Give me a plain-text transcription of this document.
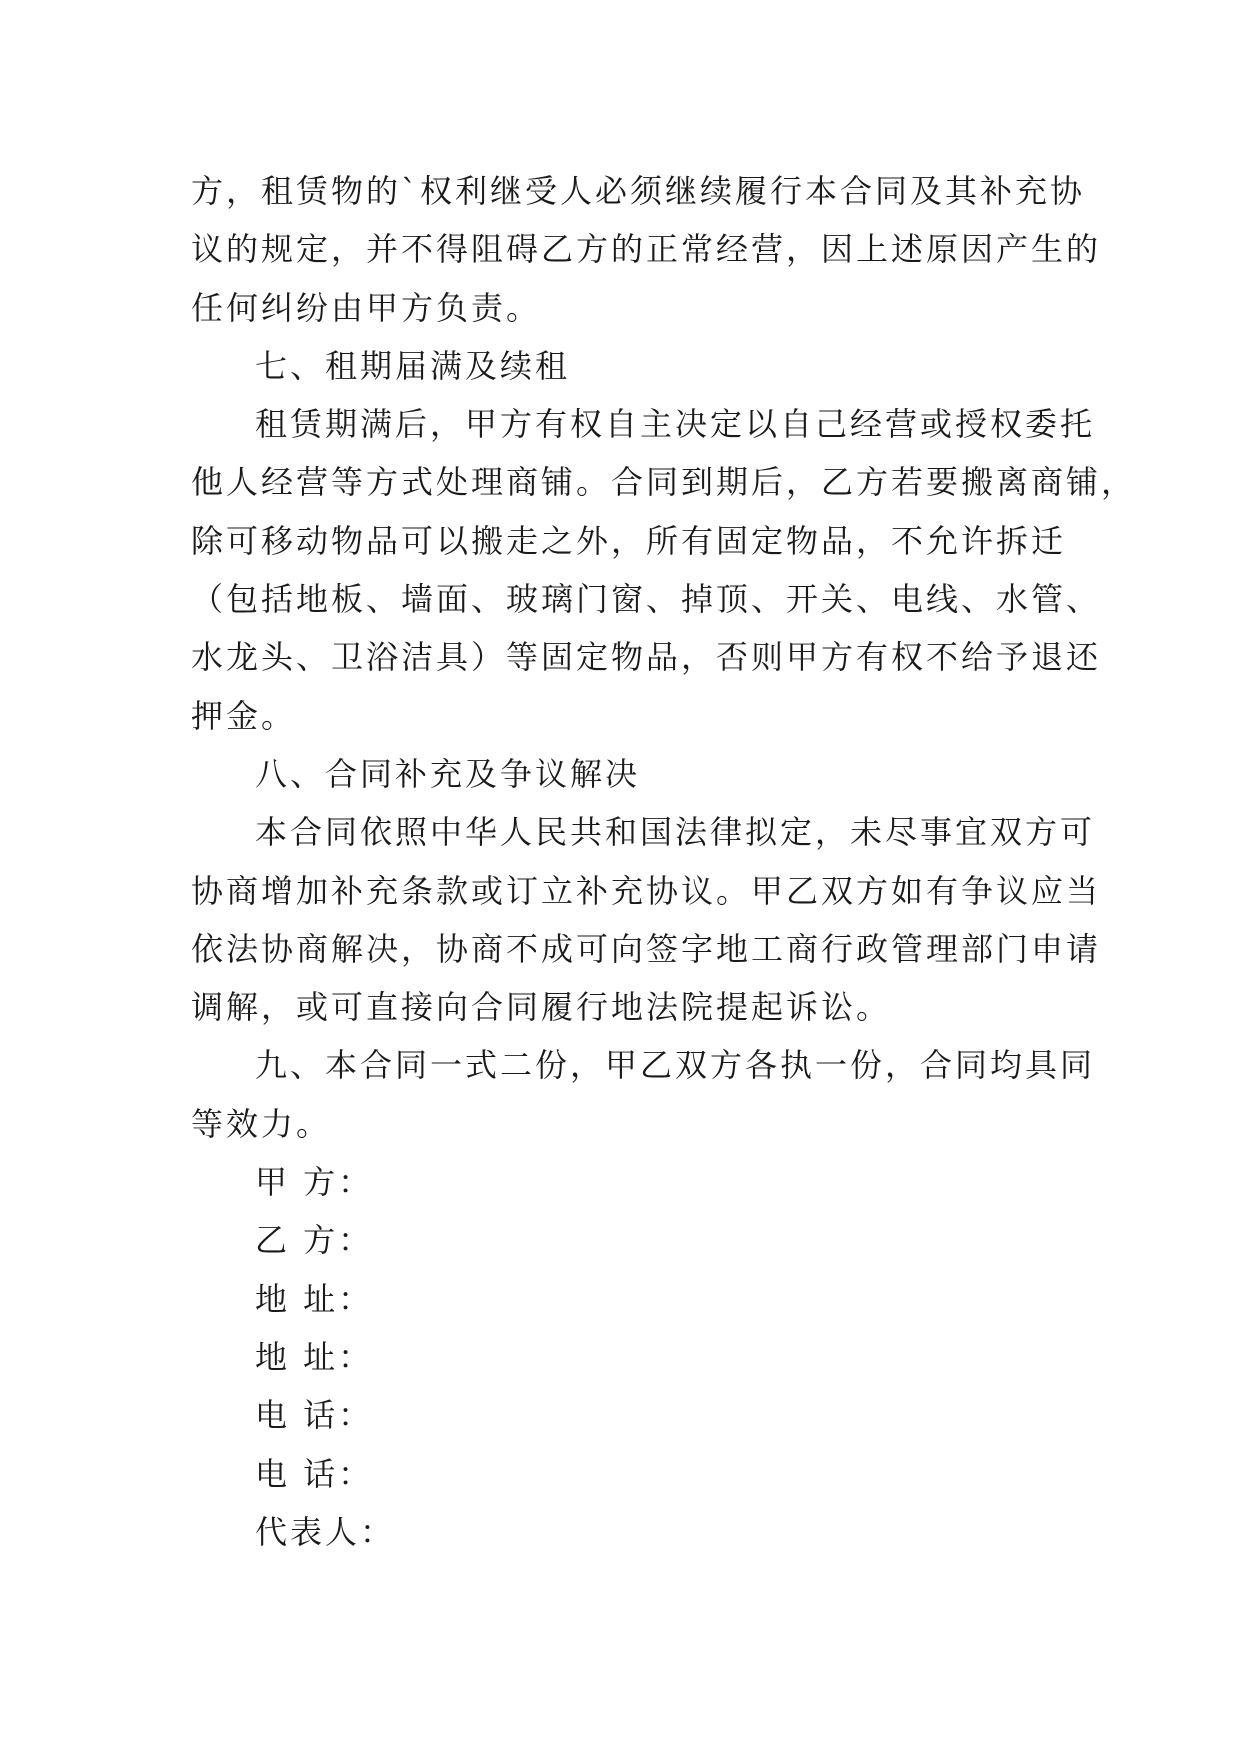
方，租赁物的`权利继受人必须继续履行本合同及其补充协
议的规定，并不得阻碍乙方的正常经营，因上述原因产生的
任何纠纷由甲方负责。
七、租期届满及续租
租赁期满后，甲方有权自主决定以自己经营或授权委托
他人经营等方式处理商铺。合同到期后，乙方若要搬离商铺，
除可移动物品可以搬走之外，所有固定物品，不允许拆迁
（包括地板、墙面、玻璃门窗、掉顶、开关、电线、水管、
水龙头、卫浴洁具）等固定物品，否则甲方有权不给予退还
押金。
八、合同补充及争议解决
本合同依照中华人民共和国法律拟定，未尽事宜双方可
协商增加补充条款或订立补充协议。甲乙双方如有争议应当
依法协商解决，协商不成可向签字地工商行政管理部门申请
调解，或可直接向合同履行地法院提起诉讼。
九、本合同一式二份，甲乙双方各执一份，合同均具同
等效力。
甲 方：
乙 方：
地 址：
地 址：
电 话：
电 话：
代表人：
